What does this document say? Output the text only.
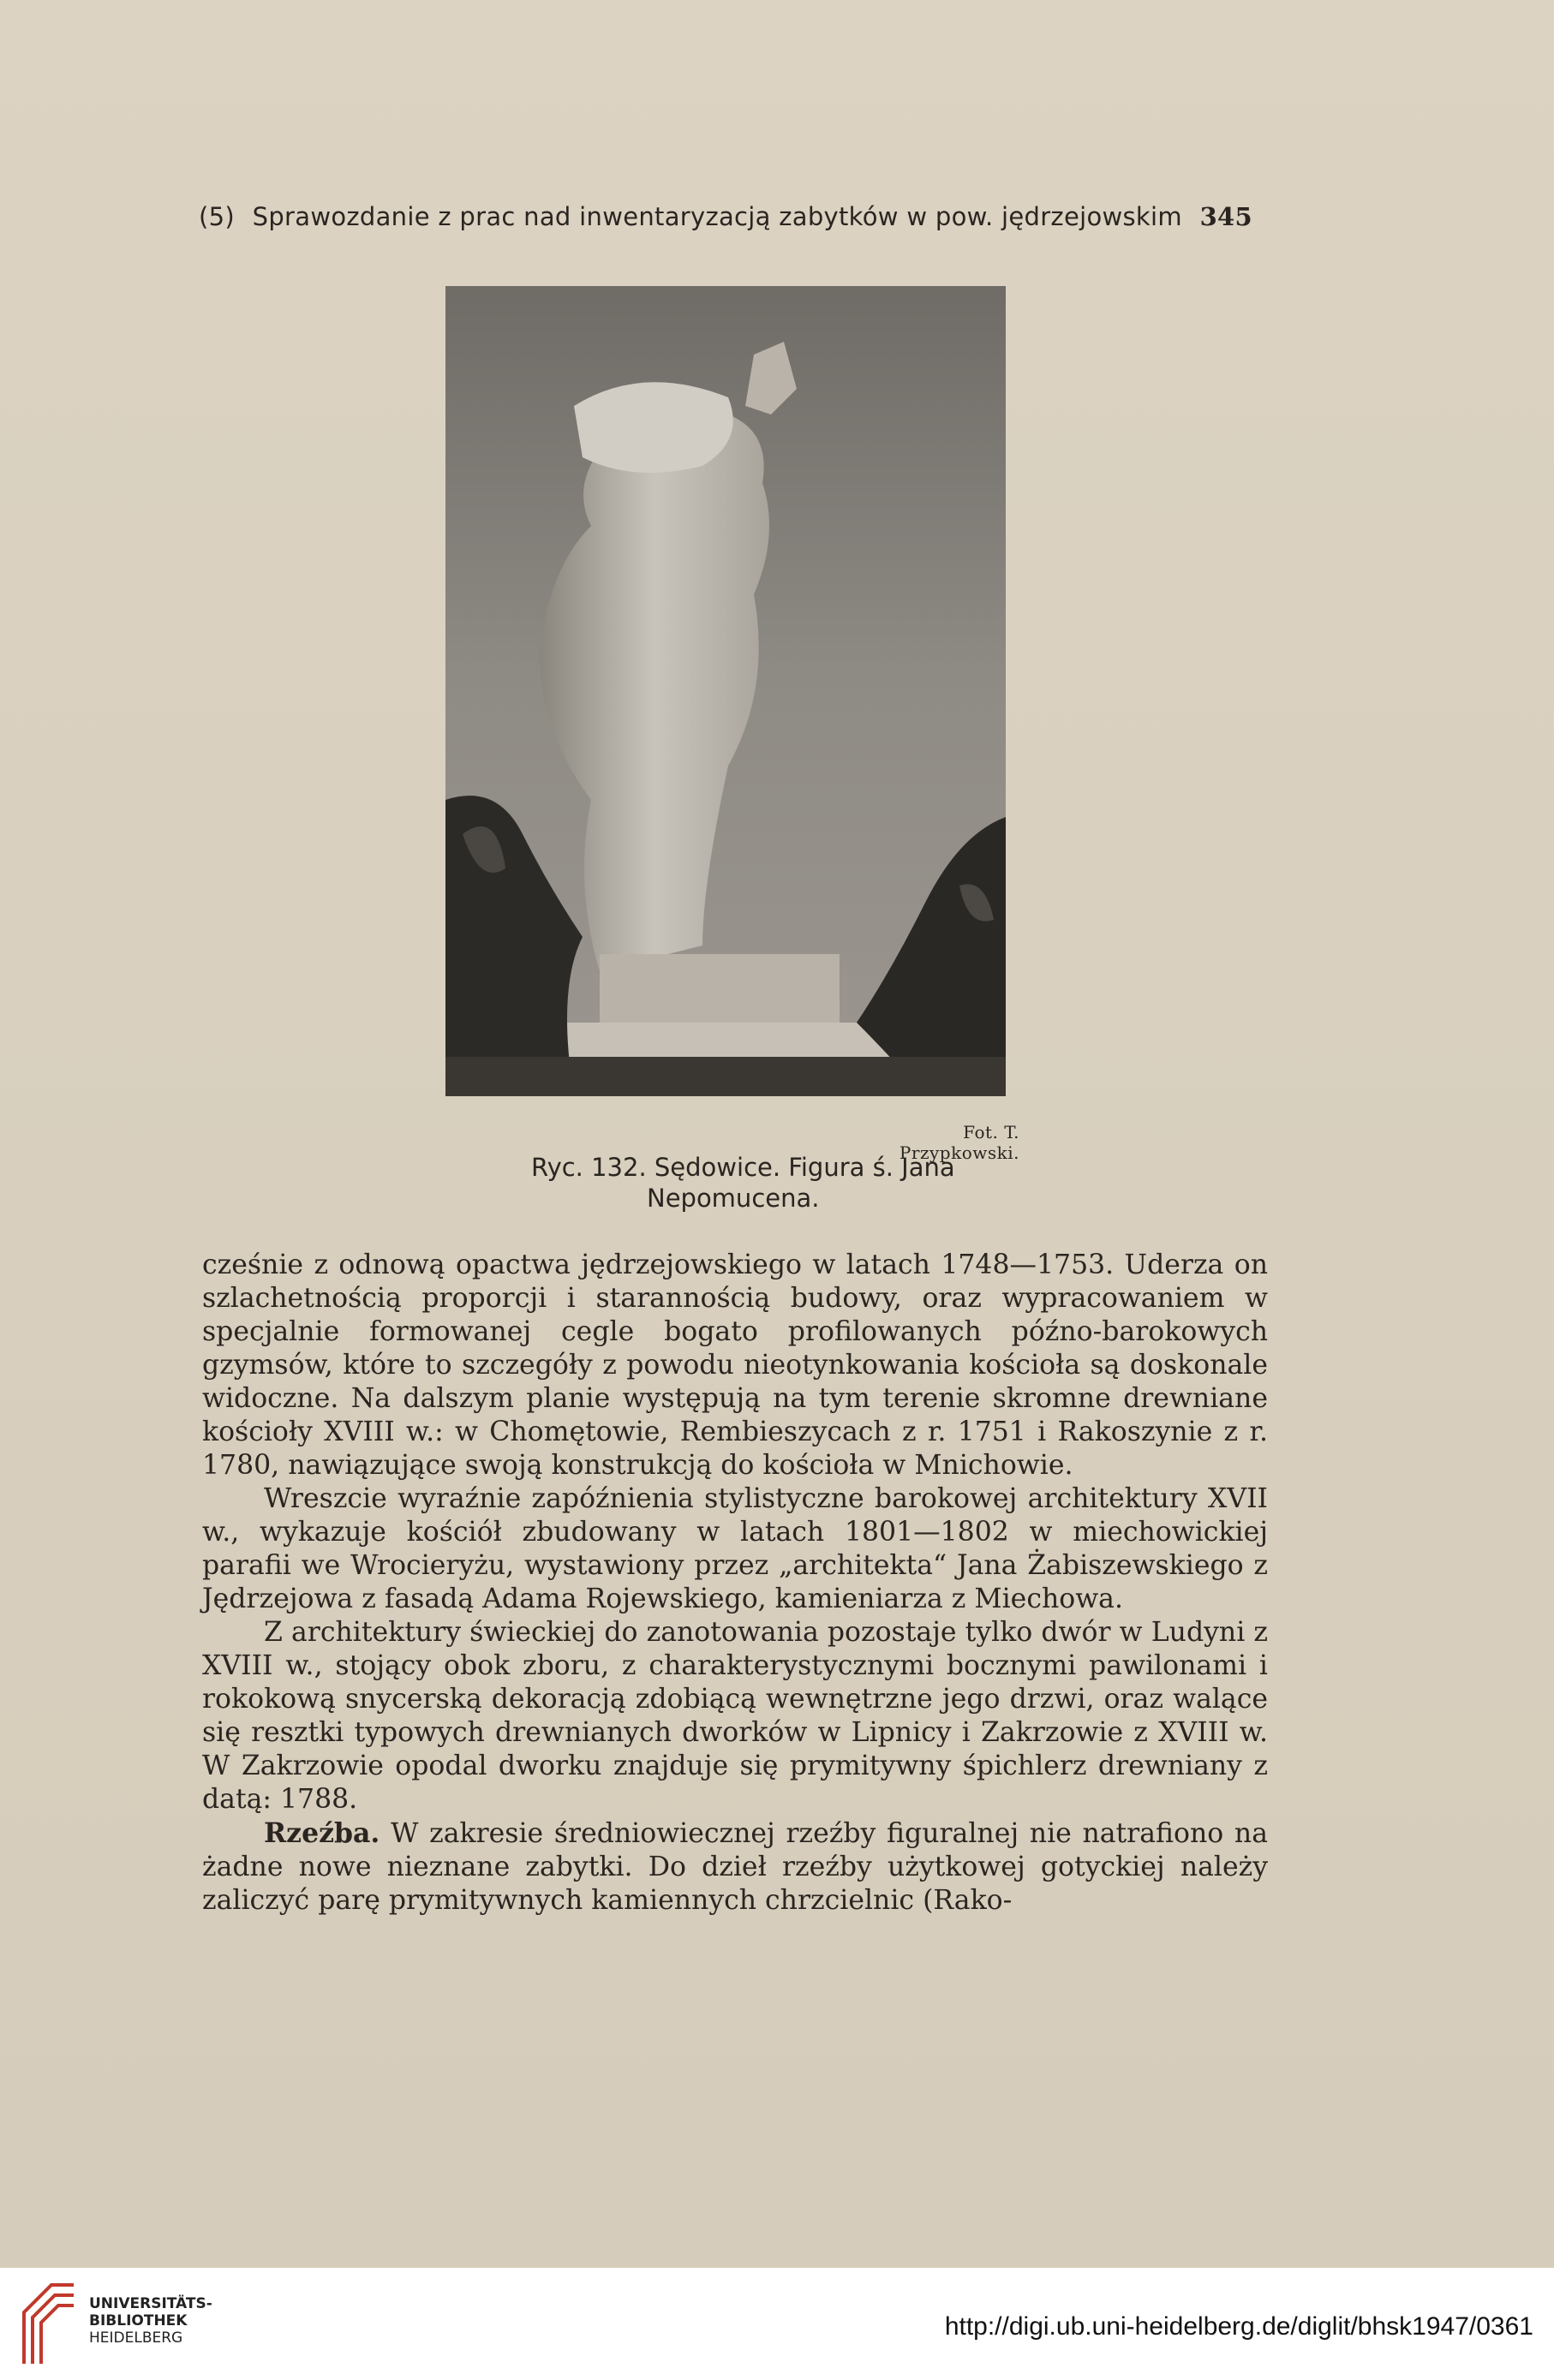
(5) Sprawozdanie z prac nad inwentaryzacją zabytków w pow. jędrzejowskim 345
Fot. T. Przypkowski.
Ryc. 132. Sędowice. Figura ś. Jana
Nepomucena.

cześnie z odnową opactwa jędrzejowskiego w latach 1748—1753. Uderza on szlachetnością proporcji i starannością budowy, oraz wypracowaniem w specjalnie formowanej cegle bogato profilowanych późno-barokowych gzymsów, które to szczegóły z powodu nieotynkowania kościoła są doskonale widoczne. Na dalszym planie występują na tym terenie skromne drewniane kościoły XVIII w.: w Chomętowie, Rembieszycach z r. 1751 i Rakoszynie z r. 1780, nawiązujące swoją konstrukcją do kościoła w Mnichowie.

Wreszcie wyraźnie zapóźnienia stylistyczne barokowej architektury XVII w., wykazuje kościół zbudowany w latach 1801—1802 w miechowickiej parafii we Wrocieryżu, wystawiony przez „architekta“ Jana Żabiszewskiego z Jędrzejowa z fasadą Adama Rojewskiego, kamieniarza z Miechowa.

Z architektury świeckiej do zanotowania pozostaje tylko dwór w Ludyni z XVIII w., stojący obok zboru, z charakterystycznymi bocznymi pawilonami i rokokową snycerską dekoracją zdobiącą wewnętrzne jego drzwi, oraz walące się resztki typowych drewnianych dworków w Lipnicy i Zakrzowie z XVIII w. W Zakrzowie opodal dworku znajduje się prymitywny śpichlerz drewniany z datą: 1788.

Rzeźba. W zakresie średniowiecznej rzeźby figuralnej nie natrafiono na żadne nowe nieznane zabytki. Do dzieł rzeźby użytkowej gotyckiej należy zaliczyć parę prymitywnych kamiennych chrzcielnic (Rako-

UNIVERSITÄTS-
BIBLIOTHEK
HEIDELBERG	http://digi.ub.uni-heidelberg.de/diglit/bhsk1947/0361
